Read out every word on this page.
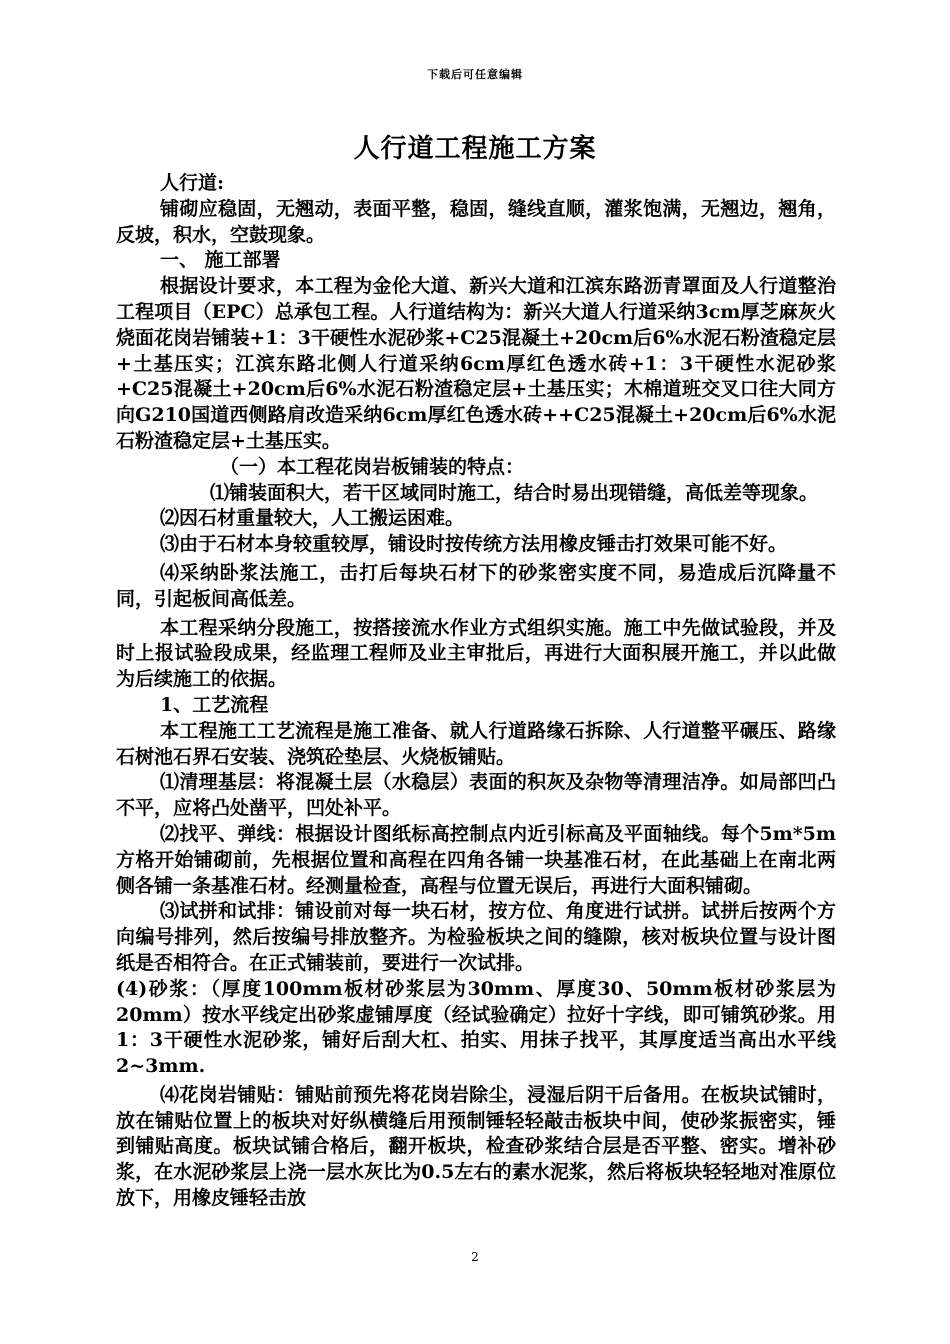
下载后可任意编辑
人行道工程施工方案

人行道:

铺砌应稳固，无翘动，表面平整，稳固，缝线直顺，灌浆饱满，无翘边，翘角，反坡，积水，空鼓现象。

一、 施工部署

根据设计要求，本工程为金伦大道、新兴大道和江滨东路沥青罩面及人行道整治工程项目（EPC）总承包工程。人行道结构为：新兴大道人行道采纳3cm厚芝麻灰火烧面花岗岩铺装+1：3干硬性水泥砂浆+C25混凝土+20cm后6%水泥石粉渣稳定层+土基压实；江滨东路北侧人行道采纳6cm厚红色透水砖+1：3干硬性水泥砂浆+C25混凝土+20cm后6%水泥石粉渣稳定层+土基压实；木棉道班交叉口往大同方向G210国道西侧路肩改造采纳6cm厚红色透水砖++C25混凝土+20cm后6%水泥石粉渣稳定层+土基压实。

（一）本工程花岗岩板铺装的特点：

⑴铺装面积大，若干区域同时施工，结合时易出现错缝，高低差等现象。

⑵因石材重量较大，人工搬运困难。

⑶由于石材本身较重较厚，铺设时按传统方法用橡皮锤击打效果可能不好。

⑷采纳卧浆法施工，击打后每块石材下的砂浆密实度不同，易造成后沉降量不同，引起板间高低差。

本工程采纳分段施工，按搭接流水作业方式组织实施。施工中先做试验段，并及时上报试验段成果，经监理工程师及业主审批后，再进行大面积展开施工，并以此做为后续施工的依据。

1、工艺流程

本工程施工工艺流程是施工准备、就人行道路缘石拆除、人行道整平碾压、路缘石树池石界石安装、浇筑砼垫层、火烧板铺贴。

⑴清理基层：将混凝土层（水稳层）表面的积灰及杂物等清理洁净。如局部凹凸不平，应将凸处凿平，凹处补平。

⑵找平、弹线：根据设计图纸标高控制点内近引标高及平面轴线。每个5m*5m方格开始铺砌前，先根据位置和高程在四角各铺一块基准石材，在此基础上在南北两侧各铺一条基准石材。经测量检查，高程与位置无误后，再进行大面积铺砌。

⑶试拼和试排：铺设前对每一块石材，按方位、角度进行试拼。试拼后按两个方向编号排列，然后按编号排放整齐。为检验板块之间的缝隙，核对板块位置与设计图纸是否相符合。在正式铺装前，要进行一次试排。

(4)砂浆：（厚度100mm板材砂浆层为30mm、厚度30、50mm板材砂浆层为20mm）按水平线定出砂浆虚铺厚度（经试验确定）拉好十字线，即可铺筑砂浆。用1：3干硬性水泥砂浆，铺好后刮大杠、拍实、用抹子找平，其厚度适当高出水平线2~3mm.

⑷花岗岩铺贴：铺贴前预先将花岗岩除尘，浸湿后阴干后备用。在板块试铺时，放在铺贴位置上的板块对好纵横缝后用预制锤轻轻敲击板块中间，使砂浆振密实，锤到铺贴高度。板块试铺合格后，翻开板块，检查砂浆结合层是否平整、密实。增补砂浆，在水泥砂浆层上浇一层水灰比为0.5左右的素水泥浆，然后将板块轻轻地对准原位放下，用橡皮锤轻击放

2
